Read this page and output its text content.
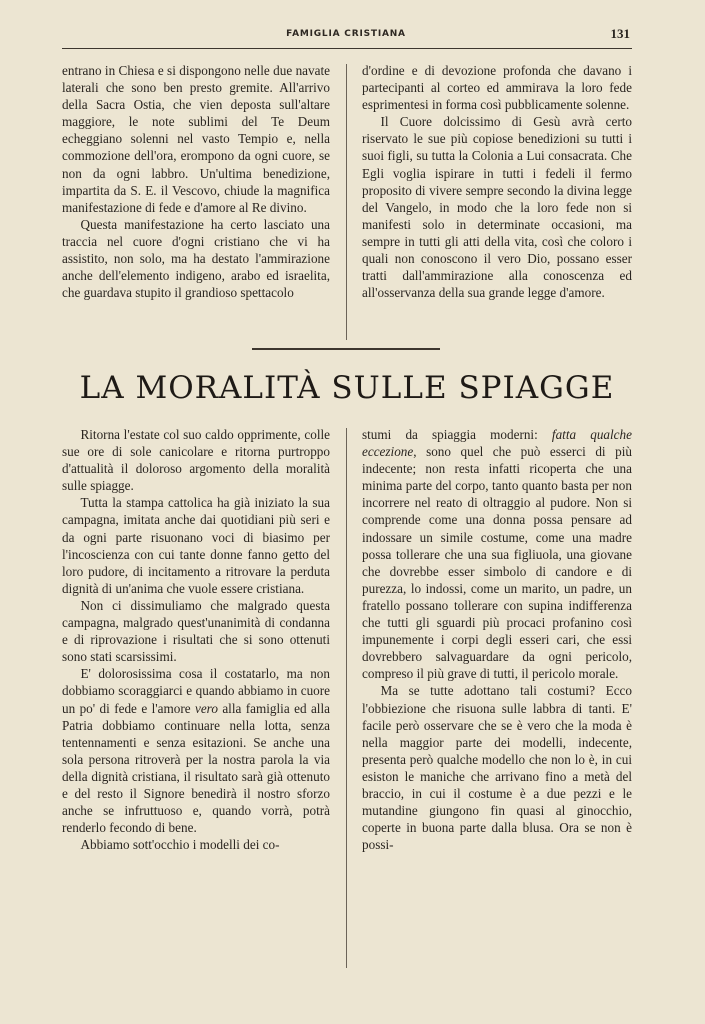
FAMIGLIA CRISTIANA	131

entrano in Chiesa e si dispongono nelle due navate laterali che sono ben presto gremite. All'arrivo della Sacra Ostia, che vien deposta sull'altare maggiore, le note sublimi del Te Deum echeggiano solenni nel vasto Tempio e, nella commozione dell'ora, erompono da ogni cuore, se non da ogni labbro. Un'ultima benedizione, impartita da S. E. il Vescovo, chiude la magnifica manifestazione di fede e d'amore al Re divino.

Questa manifestazione ha certo lasciato una traccia nel cuore d'ogni cristiano che vi ha assistito, non solo, ma ha destato l'ammirazione anche dell'elemento indigeno, arabo ed israelita, che guardava stupito il grandioso spettacolo

d'ordine e di devozione profonda che davano i partecipanti al corteo ed ammirava la loro fede esprimentesi in forma così pubblicamente solenne.

Il Cuore dolcissimo di Gesù avrà certo riservato le sue più copiose benedizioni su tutti i suoi figli, su tutta la Colonia a Lui consacrata. Che Egli voglia ispirare in tutti i fedeli il fermo proposito di vivere sempre secondo la divina legge del Vangelo, in modo che la loro fede non si manifesti solo in determinate occasioni, ma sempre in tutti gli atti della vita, così che coloro i quali non conoscono il vero Dio, possano esser tratti dall'ammirazione alla conoscenza ed all'osservanza della sua grande legge d'amore.

LA MORALITÀ SULLE SPIAGGE

Ritorna l'estate col suo caldo opprimente, colle sue ore di sole canicolare e ritorna purtroppo d'attualità il doloroso argomento della moralità sulle spiagge.

Tutta la stampa cattolica ha già iniziato la sua campagna, imitata anche dai quotidiani più seri e da ogni parte risuonano voci di biasimo per l'incoscienza con cui tante donne fanno getto del loro pudore, di incitamento a ritrovare la perduta dignità di un'anima che vuole essere cristiana.

Non ci dissimuliamo che malgrado questa campagna, malgrado quest'unanimità di condanna e di riprovazione i risultati che si sono ottenuti sono stati scarsissimi.

E' dolorosissima cosa il costatarlo, ma non dobbiamo scoraggiarci e quando abbiamo in cuore un po' di fede e l'amore vero alla famiglia ed alla Patria dobbiamo continuare nella lotta, senza tentennamenti e senza esitazioni. Se anche una sola persona ritroverà per la nostra parola la via della dignità cristiana, il risultato sarà già ottenuto e del resto il Signore benedirà il nostro sforzo anche se infruttuoso e, quando vorrà, potrà renderlo fecondo di bene.

Abbiamo sott'occhio i modelli dei co-

stumi da spiaggia moderni: fatta qualche eccezione, sono quel che può esserci di più indecente; non resta infatti ricoperta che una minima parte del corpo, tanto quanto basta per non incorrere nel reato di oltraggio al pudore. Non si comprende come una donna possa pensare ad indossare un simile costume, come una madre possa tollerare che una sua figliuola, una giovane che dovrebbe esser simbolo di candore e di purezza, lo indossi, come un marito, un padre, un fratello possano tollerare con supina indifferenza che tutti gli sguardi più procaci profanino così impunemente i corpi degli esseri cari, che essi dovrebbero salvaguardare da ogni pericolo, compreso il più grave di tutti, il pericolo morale.

Ma se tutte adottano tali costumi? Ecco l'obbiezione che risuona sulle labbra di tanti. E' facile però osservare che se è vero che la moda è nella maggior parte dei modelli, indecente, presenta però qualche modello che non lo è, in cui esiston le maniche che arrivano fino a metà del braccio, in cui il costume è a due pezzi e le mutandine giungono fin quasi al ginocchio, coperte in buona parte dalla blusa. Ora se non è possi-
